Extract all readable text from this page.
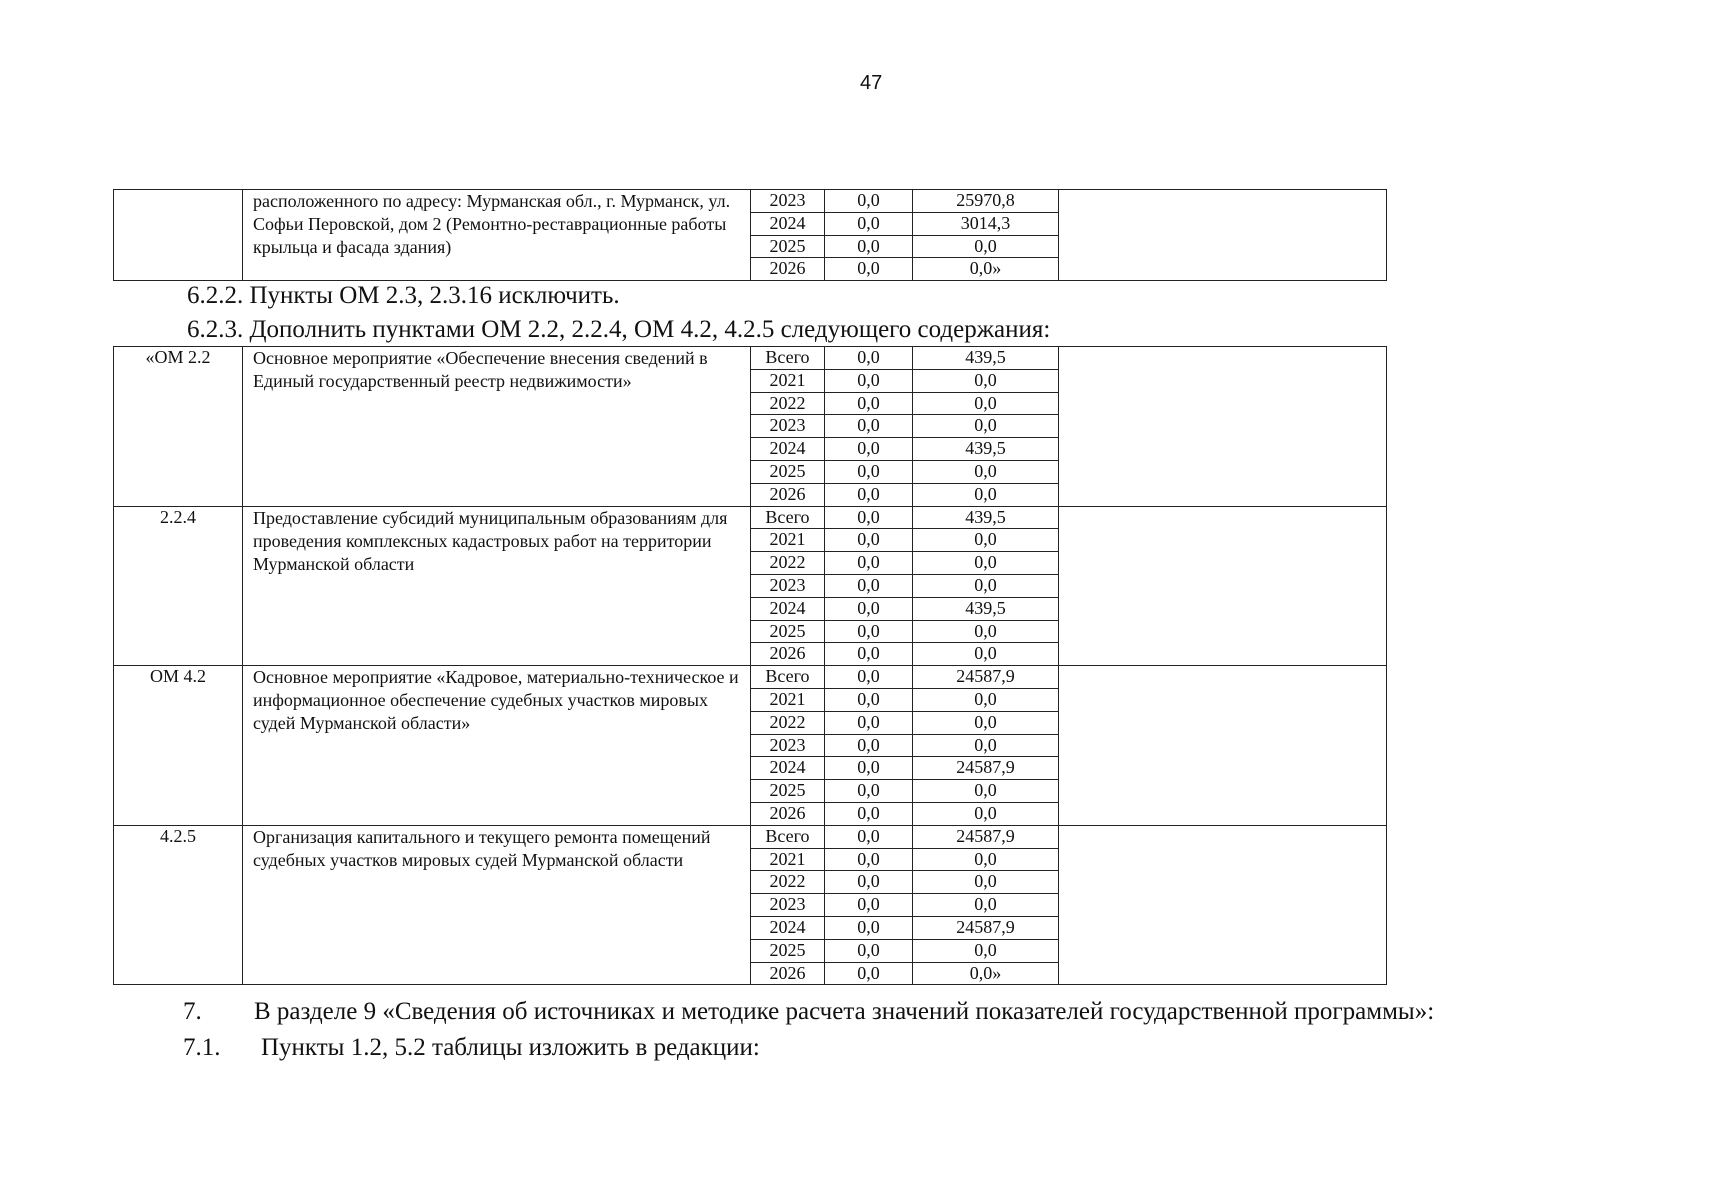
47
	расположенного по адресу: Мурманская обл., г. Мурманск, ул. Софьи Перовской, дом 2 (Ремонтно-реставрационные работы крыльца и фасада здания)	2023	0,0	25970,8	
		2024	0,0	3014,3	
		2025	0,0	0,0	
		2026	0,0	0,0»	
6.2.2. Пункты ОМ 2.3, 2.3.16 исключить.
6.2.3. Дополнить пунктами ОМ 2.2, 2.2.4, ОМ 4.2, 4.2.5 следующего содержания:
«ОМ 2.2	Основное мероприятие «Обеспечение внесения сведений в Единый государственный реестр недвижимости»	Всего	0,0	439,5	
		2021	0,0	0,0	
		2022	0,0	0,0	
		2023	0,0	0,0	
		2024	0,0	439,5	
		2025	0,0	0,0	
		2026	0,0	0,0	
2.2.4	Предоставление субсидий муниципальным образованиям для проведения комплексных кадастровых работ на территории Мурманской области	Всего	0,0	439,5	
		2021	0,0	0,0	
		2022	0,0	0,0	
		2023	0,0	0,0	
		2024	0,0	439,5	
		2025	0,0	0,0	
		2026	0,0	0,0	
ОМ 4.2	Основное мероприятие «Кадровое, материально-техническое и информационное обеспечение судебных участков мировых судей Мурманской области»	Всего	0,0	24587,9	
		2021	0,0	0,0	
		2022	0,0	0,0	
		2023	0,0	0,0	
		2024	0,0	24587,9	
		2025	0,0	0,0	
		2026	0,0	0,0	
4.2.5	Организация капитального и текущего ремонта помещений судебных участков мировых судей Мурманской области	Всего	0,0	24587,9	
		2021	0,0	0,0	
		2022	0,0	0,0	
		2023	0,0	0,0	
		2024	0,0	24587,9	
		2025	0,0	0,0	
		2026	0,0	0,0»	
7. В разделе 9 «Сведения об источниках и методике расчета значений показателей государственной программы»:
7.1. Пункты 1.2, 5.2 таблицы изложить в редакции:
